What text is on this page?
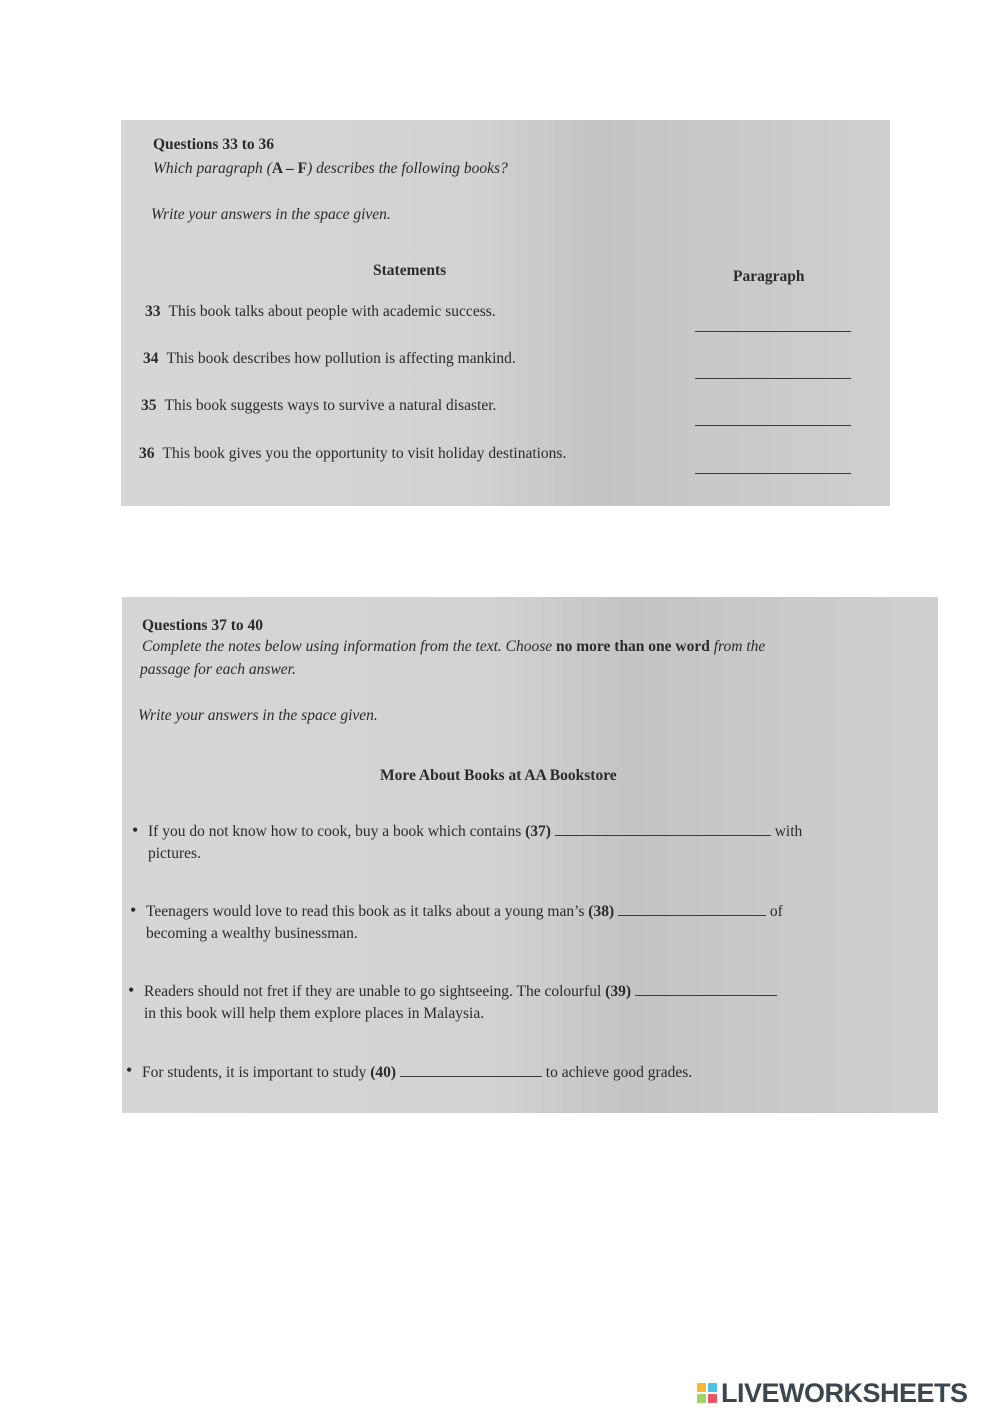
Questions 33 to 36
Which paragraph (A – F) describes the following books?
Write your answers in the space given.
Statements	Paragraph
33 This book talks about people with academic success.
34 This book describes how pollution is affecting mankind.
35 This book suggests ways to survive a natural disaster.
36 This book gives you the opportunity to visit holiday destinations.
Questions 37 to 40
Complete the notes below using information from the text. Choose no more than one word from the
passage for each answer.
Write your answers in the space given.
More About Books at AA Bookstore
• If you do not know how to cook, buy a book which contains (37)	with
pictures.
• Teenagers would love to read this book as it talks about a young man’s (38)	of
becoming a wealthy businessman.
• Readers should not fret if they are unable to go sightseeing. The colourful (39)
in this book will help them explore places in Malaysia.
• For students, it is important to study (40)	to achieve good grades.
LIVEWORKSHEETS
